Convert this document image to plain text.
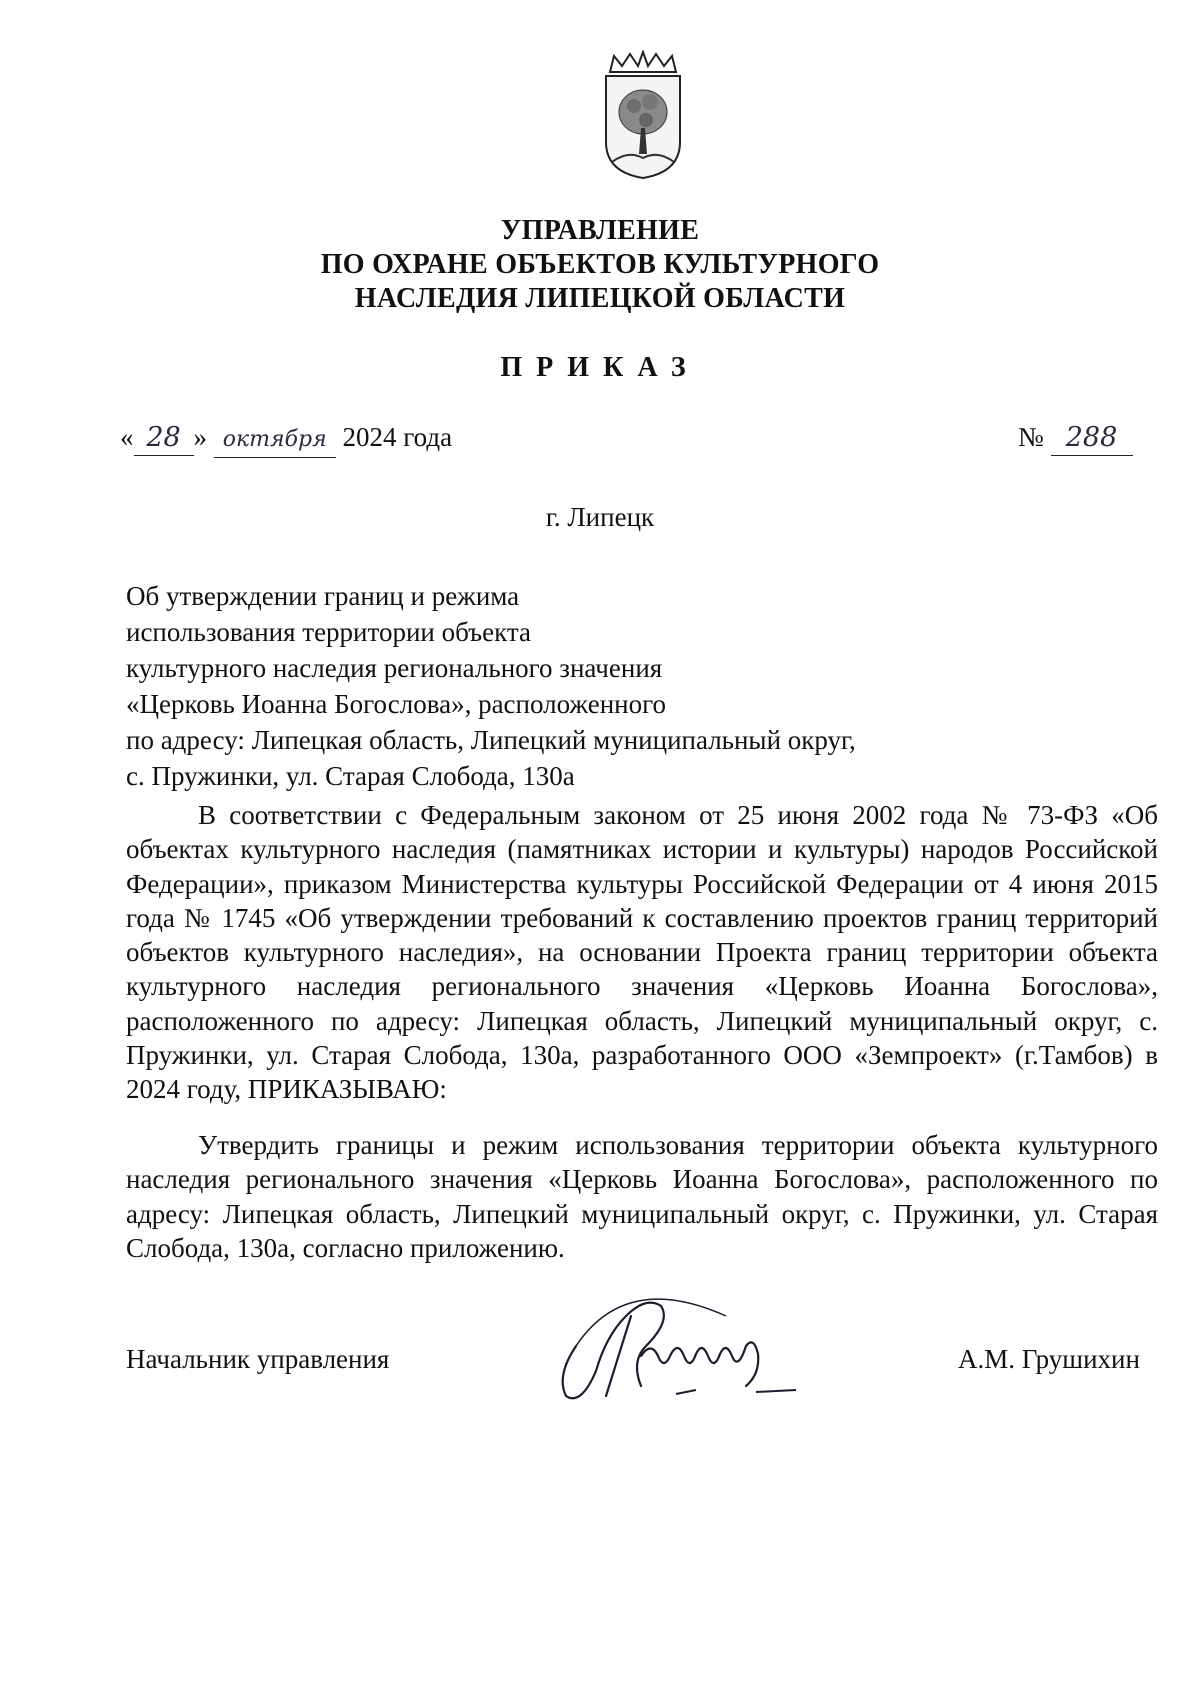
УПРАВЛЕНИЕ
ПО ОХРАНЕ ОБЪЕКТОВ КУЛЬТУРНОГО
НАСЛЕДИЯ ЛИПЕЦКОЙ ОБЛАСТИ
ПРИКАЗ
« 28 » октября 2024 года	№ 288
г. Липецк
Об утверждении границ и режима
использования территории объекта
культурного наследия регионального значения
«Церковь Иоанна Богослова», расположенного
по адресу: Липецкая область, Липецкий муниципальный округ,
с. Пружинки, ул. Старая Слобода, 130а

В соответствии с Федеральным законом от 25 июня 2002 года № 73-ФЗ «Об объектах культурного наследия (памятниках истории и культуры) народов Российской Федерации», приказом Министерства культуры Российской Федерации от 4 июня 2015 года № 1745 «Об утверждении требований к составлению проектов границ территорий объектов культурного наследия», на основании Проекта границ территории объекта культурного наследия регионального значения «Церковь Иоанна Богослова», расположенного по адресу: Липецкая область, Липецкий муниципальный округ, с. Пружинки, ул. Старая Слобода, 130а, разработанного ООО «Земпроект» (г.Тамбов) в 2024 году, ПРИКАЗЫВАЮ:

Утвердить границы и режим использования территории объекта культурного наследия регионального значения «Церковь Иоанна Богослова», расположенного по адресу: Липецкая область, Липецкий муниципальный округ, с. Пружинки, ул. Старая Слобода, 130а, согласно приложению.

Начальник управления	А.М. Грушихин
